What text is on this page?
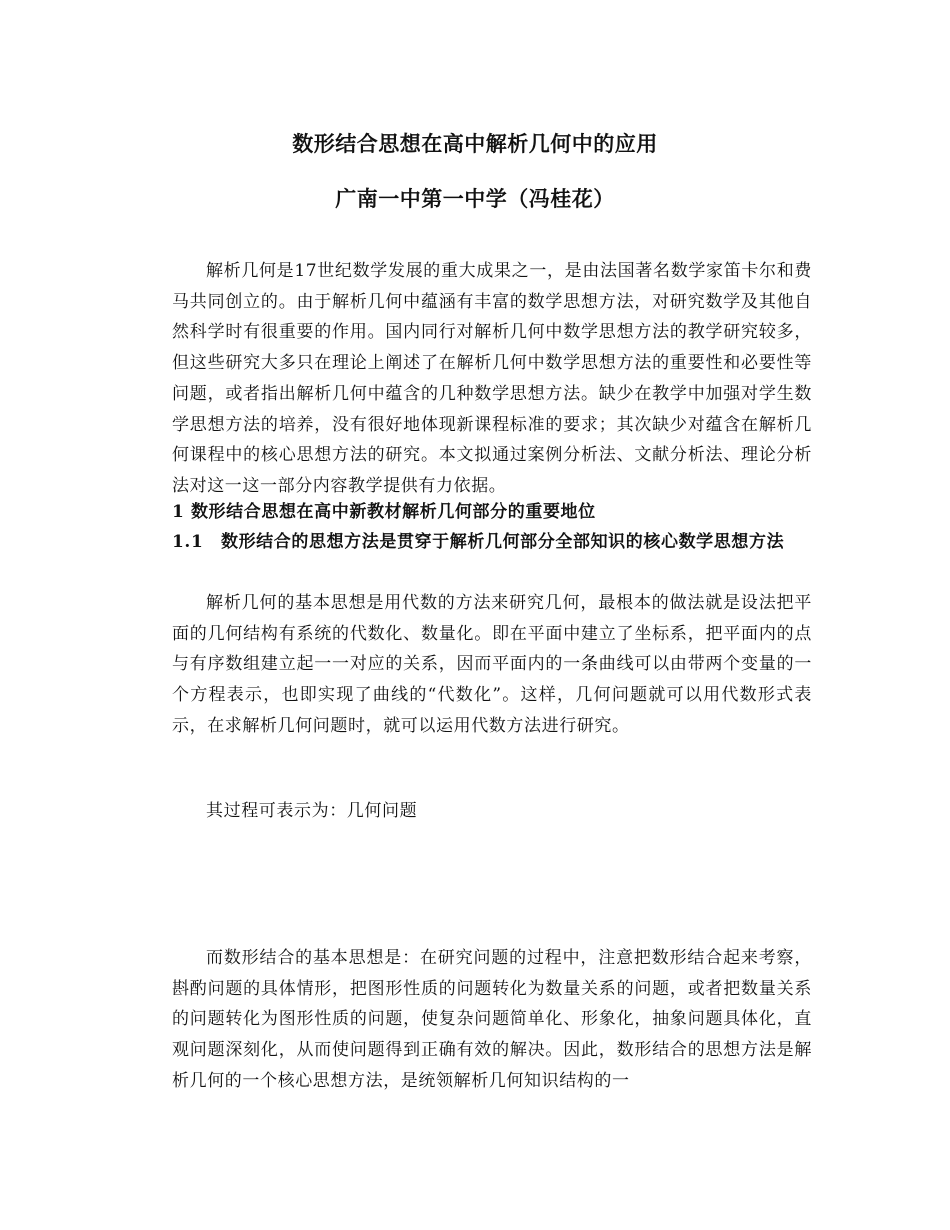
数形结合思想在高中解析几何中的应用
广南一中第一中学（冯桂花）

解析几何是17世纪数学发展的重大成果之一，是由法国著名数学家笛卡尔和费马共同创立的。由于解析几何中蕴涵有丰富的数学思想方法，对研究数学及其他自然科学时有很重要的作用。国内同行对解析几何中数学思想方法的教学研究较多，但这些研究大多只在理论上阐述了在解析几何中数学思想方法的重要性和必要性等问题，或者指出解析几何中蕴含的几种数学思想方法。缺少在教学中加强对学生数学思想方法的培养，没有很好地体现新课程标准的要求；其次缺少对蕴含在解析几何课程中的核心思想方法的研究。本文拟通过案例分析法、文献分析法、理论分析法对这一这一部分内容教学提供有力依据。

1 数形结合思想在高中新教材解析几何部分的重要地位
1.1　数形结合的思想方法是贯穿于解析几何部分全部知识的核心数学思想方法

解析几何的基本思想是用代数的方法来研究几何，最根本的做法就是设法把平面的几何结构有系统的代数化、数量化。即在平面中建立了坐标系，把平面内的点与有序数组建立起一一对应的关系，因而平面内的一条曲线可以由带两个变量的一个方程表示，也即实现了曲线的“代数化”。这样，几何问题就可以用代数形式表示，在求解析几何问题时，就可以运用代数方法进行研究。

其过程可表示为：几何问题

而数形结合的基本思想是：在研究问题的过程中，注意把数形结合起来考察，斟酌问题的具体情形，把图形性质的问题转化为数量关系的问题，或者把数量关系的问题转化为图形性质的问题，使复杂问题简单化、形象化，抽象问题具体化，直观问题深刻化，从而使问题得到正确有效的解决。因此，数形结合的思想方法是解析几何的一个核心思想方法，是统领解析几何知识结构的一
